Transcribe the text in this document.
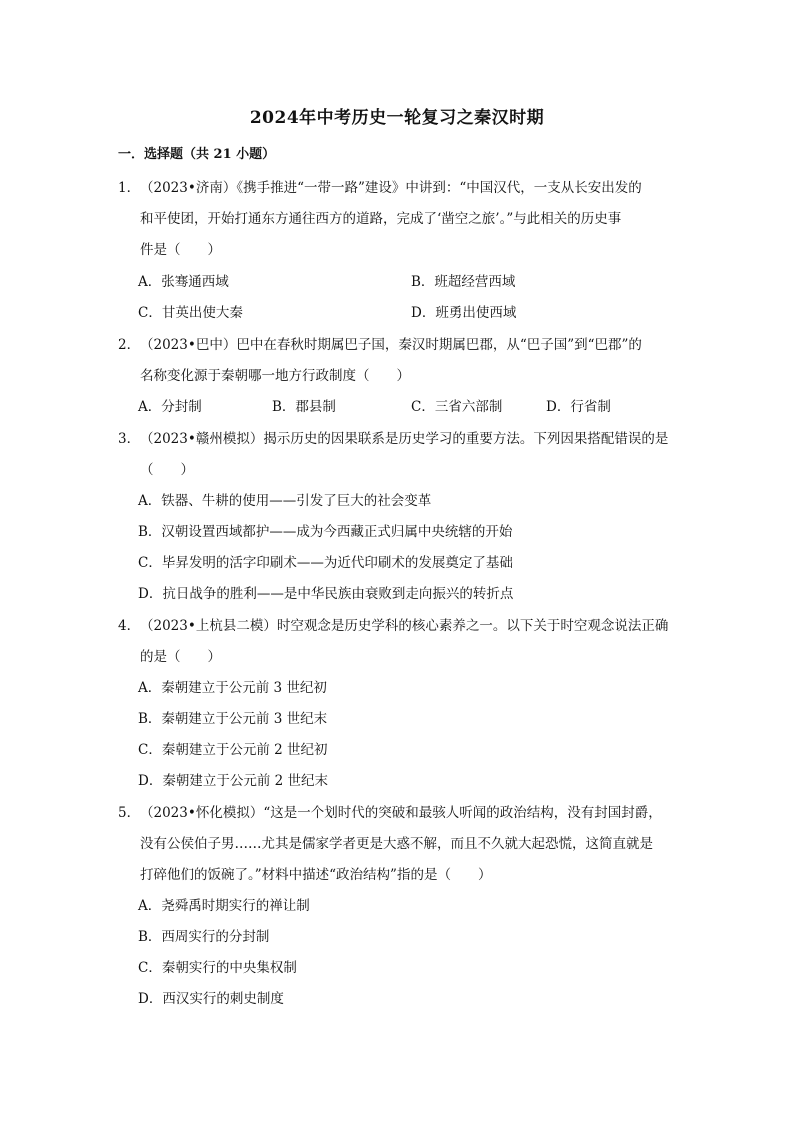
2024年中考历史一轮复习之秦汉时期
一．选择题（共 21 小题）
1． （2023•济南）《携手推进“一带一路”建设》中讲到：“中国汉代，一支从长安出发的
和平使团，开始打通东方通往西方的道路，完成了‘凿空之旅’。”与此相关的历史事
件是（　　）
A．张骞通西域	B．班超经营西域
C．甘英出使大秦	D．班勇出使西域
2． （2023•巴中）巴中在春秋时期属巴子国，秦汉时期属巴郡，从“巴子国”到“巴郡”的
名称变化源于秦朝哪一地方行政制度（　　）
A．分封制	B．郡县制	C．三省六部制	D．行省制
3． （2023•赣州模拟）揭示历史的因果联系是历史学习的重要方法。下列因果搭配错误的是
（　　）
A．铁器、牛耕的使用——引发了巨大的社会变革
B．汉朝设置西域都护——成为今西藏正式归属中央统辖的开始
C．毕昇发明的活字印刷术——为近代印刷术的发展奠定了基础
D．抗日战争的胜利——是中华民族由衰败到走向振兴的转折点
4． （2023•上杭县二模）时空观念是历史学科的核心素养之一。以下关于时空观念说法正确
的是（　　）
A．秦朝建立于公元前 3 世纪初
B．秦朝建立于公元前 3 世纪末
C．秦朝建立于公元前 2 世纪初
D．秦朝建立于公元前 2 世纪末
5． （2023•怀化模拟）“这是一个划时代的突破和最骇人听闻的政治结构，没有封国封爵，
没有公侯伯子男……尤其是儒家学者更是大惑不解，而且不久就大起恐慌，这简直就是
打碎他们的饭碗了。”材料中描述“政治结构”指的是（　　）
A．尧舜禹时期实行的禅让制
B．西周实行的分封制
C．秦朝实行的中央集权制
D．西汉实行的刺史制度
